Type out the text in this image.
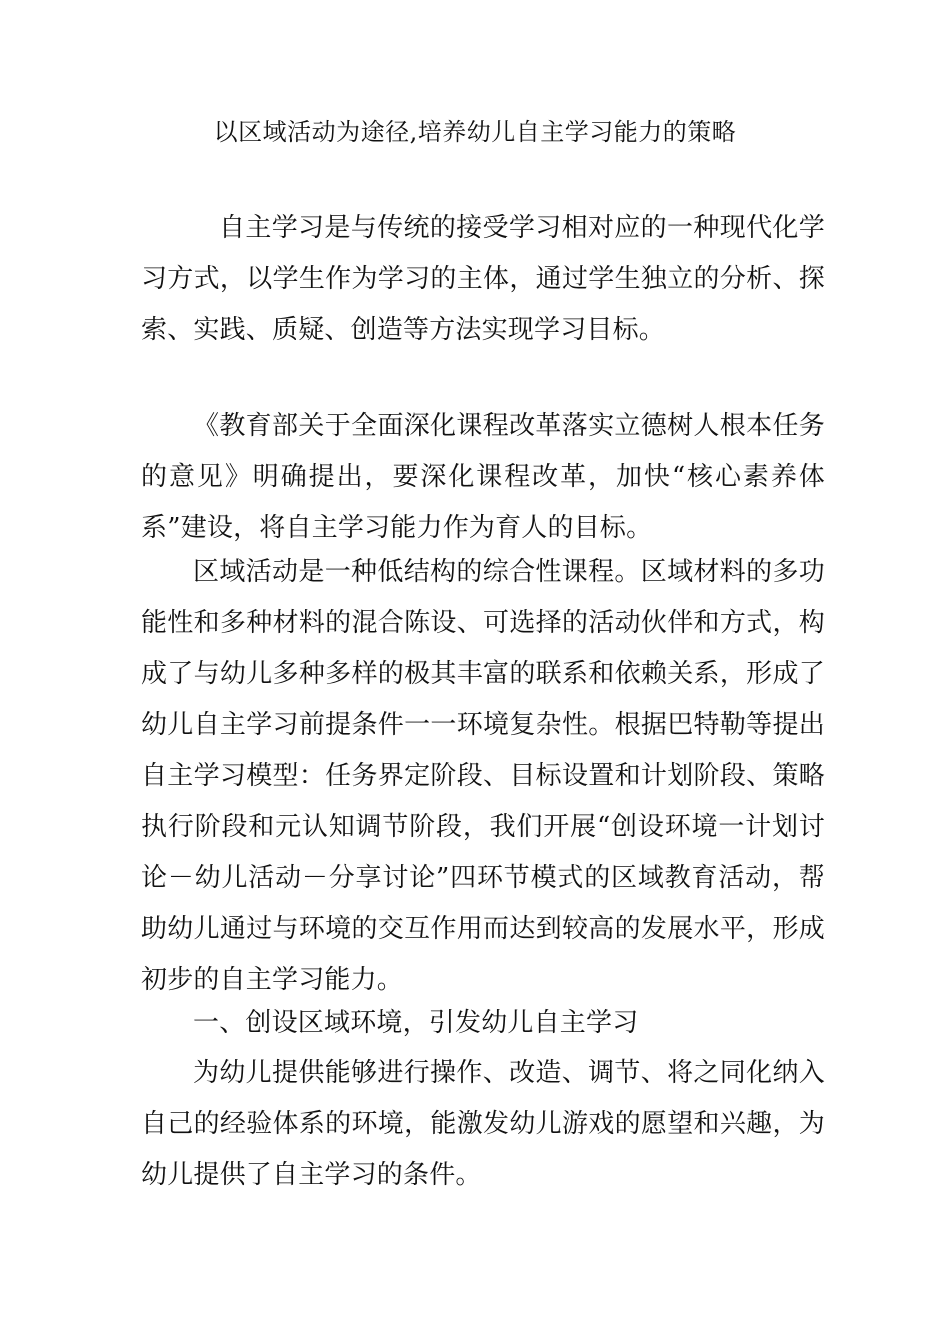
以区域活动为途径,培养幼儿自主学习能力的策略

自主学习是与传统的接受学习相对应的一种现代化学习方式，以学生作为学习的主体，通过学生独立的分析、探索、实践、质疑、创造等方法实现学习目标。

《教育部关于全面深化课程改革落实立德树人根本任务的意见》明确提出，要深化课程改革，加快“核心素养体系”建设，将自主学习能力作为育人的目标。

区域活动是一种低结构的综合性课程。区域材料的多功能性和多种材料的混合陈设、可选择的活动伙伴和方式，构成了与幼儿多种多样的极其丰富的联系和依赖关系，形成了幼儿自主学习前提条件一一环境复杂性。根据巴特勒等提出自主学习模型：任务界定阶段、目标设置和计划阶段、策略执行阶段和元认知调节阶段，我们开展“创设环境一计划讨论－幼儿活动－分享讨论”四环节模式的区域教育活动，帮助幼儿通过与环境的交互作用而达到较高的发展水平，形成初步的自主学习能力。

一、创设区域环境，引发幼儿自主学习

为幼儿提供能够进行操作、改造、调节、将之同化纳入自己的经验体系的环境，能激发幼儿游戏的愿望和兴趣，为幼儿提供了自主学习的条件。
